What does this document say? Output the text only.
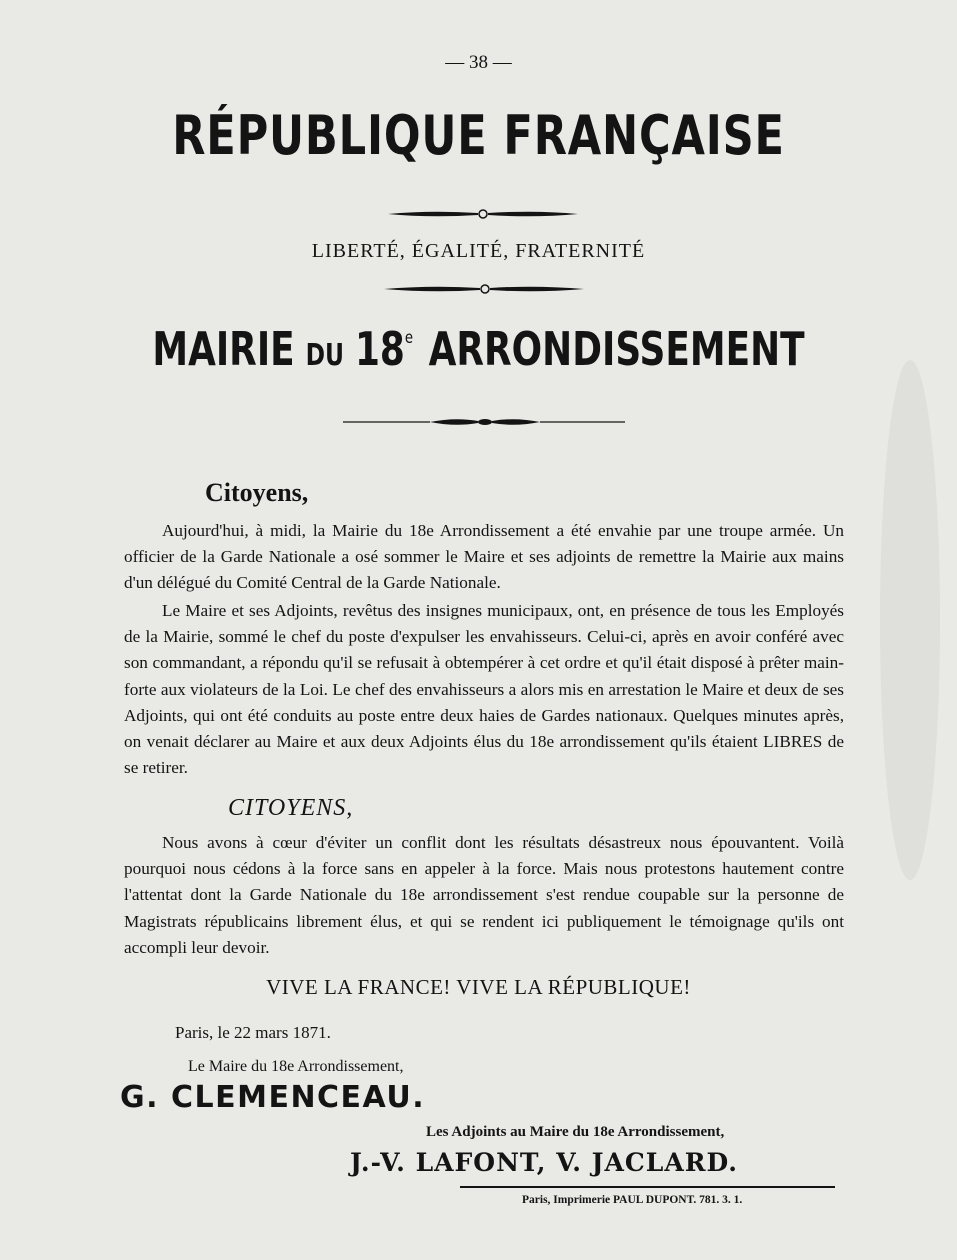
— 38 —
RÉPUBLIQUE FRANÇAISE
LIBERTÉ, ÉGALITÉ, FRATERNITÉ
MAIRIE DU 18e ARRONDISSEMENT
Citoyens,
Aujourd'hui, à midi, la Mairie du 18e Arrondissement a été envahie par une troupe armée. Un officier de la Garde Nationale a osé sommer le Maire et ses adjoints de remettre la Mairie aux mains d'un délégué du Comité Central de la Garde Nationale.
Le Maire et ses Adjoints, revêtus des insignes municipaux, ont, en présence de tous les Employés de la Mairie, sommé le chef du poste d'expulser les envahisseurs. Celui-ci, après en avoir conféré avec son commandant, a répondu qu'il se refusait à obtempérer à cet ordre et qu'il était disposé à prêter main-forte aux violateurs de la Loi. Le chef des envahisseurs a alors mis en arrestation le Maire et deux de ses Adjoints, qui ont été conduits au poste entre deux haies de Gardes nationaux. Quelques minutes après, on venait déclarer au Maire et aux deux Adjoints élus du 18e arrondissement qu'ils étaient LIBRES de se retirer.
CITOYENS,
Nous avons à cœur d'éviter un conflit dont les résultats désastreux nous épouvantent. Voilà pourquoi nous cédons à la force sans en appeler à la force. Mais nous protestons hautement contre l'attentat dont la Garde Nationale du 18e arrondissement s'est rendue coupable sur la personne de Magistrats républicains librement élus, et qui se rendent ici publiquement le témoignage qu'ils ont accompli leur devoir.
VIVE LA FRANCE! VIVE LA RÉPUBLIQUE!
Paris, le 22 mars 1871.
Le Maire du 18e Arrondissement,
G. CLEMENCEAU.
Les Adjoints au Maire du 18e Arrondissement,
J.-V. LAFONT, V. JACLARD.
Paris, Imprimerie PAUL DUPONT. 781. 3. 1.
